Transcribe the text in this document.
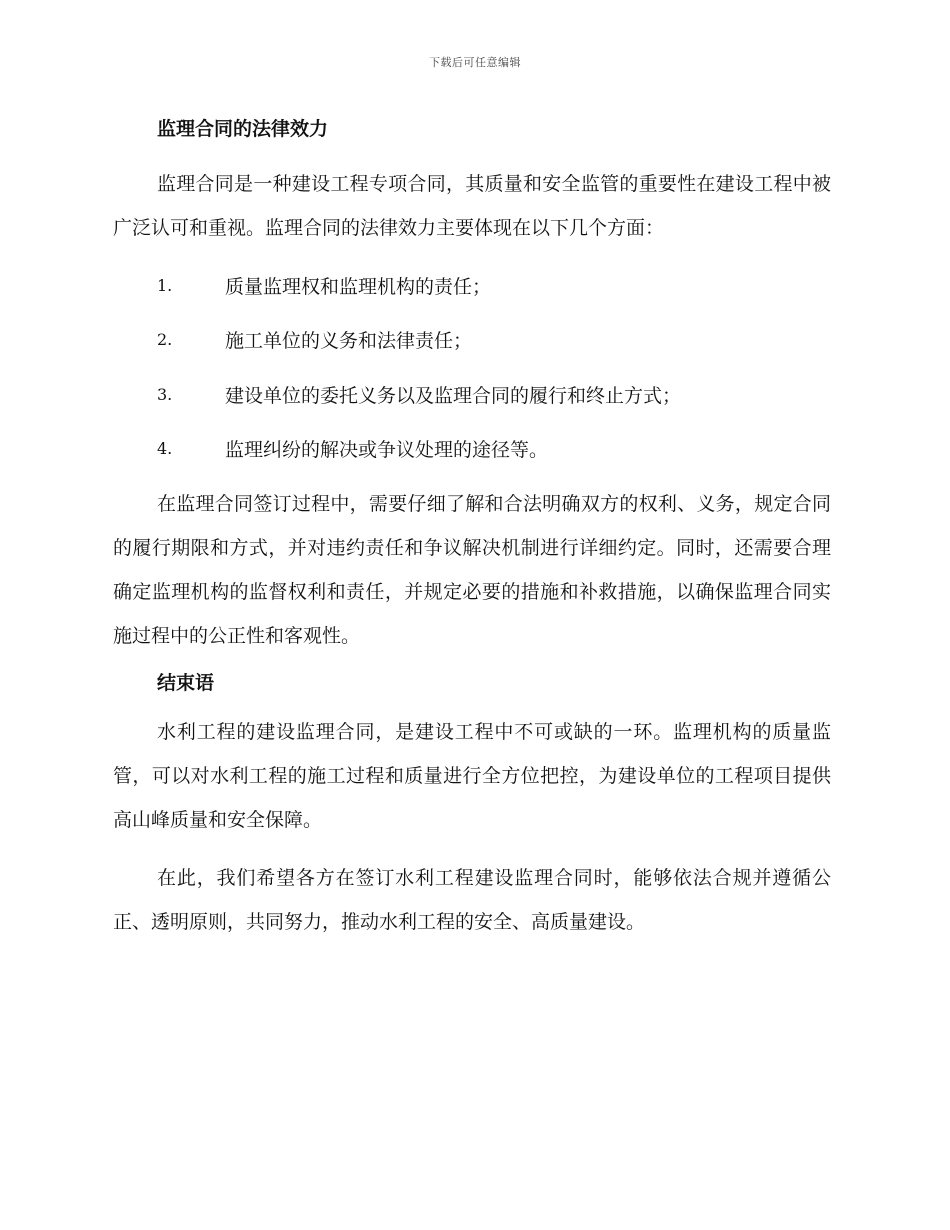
下载后可任意编辑
监理合同的法律效力

监理合同是一种建设工程专项合同，其质量和安全监管的重要性在建设工程中被广泛认可和重视。监理合同的法律效力主要体现在以下几个方面：

1.	质量监理权和监理机构的责任；
2.	施工单位的义务和法律责任；
3.	建设单位的委托义务以及监理合同的履行和终止方式；
4.	监理纠纷的解决或争议处理的途径等。

在监理合同签订过程中，需要仔细了解和合法明确双方的权利、义务，规定合同的履行期限和方式，并对违约责任和争议解决机制进行详细约定。同时，还需要合理确定监理机构的监督权利和责任，并规定必要的措施和补救措施，以确保监理合同实施过程中的公正性和客观性。

结束语

水利工程的建设监理合同，是建设工程中不可或缺的一环。监理机构的质量监管，可以对水利工程的施工过程和质量进行全方位把控，为建设单位的工程项目提供高山峰质量和安全保障。

在此，我们希望各方在签订水利工程建设监理合同时，能够依法合规并遵循公正、透明原则，共同努力，推动水利工程的安全、高质量建设。
